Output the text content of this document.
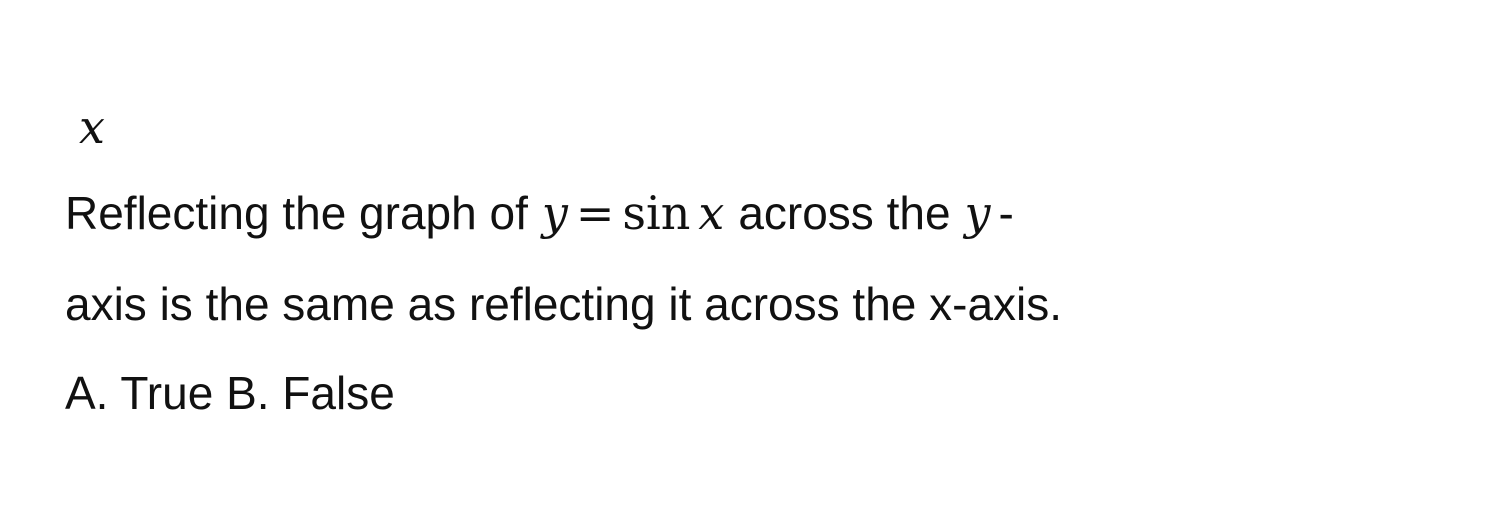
x
Reflecting the graph of y = sin x across the y -
axis is the same as reflecting it across the x-axis.
A. True B. False
